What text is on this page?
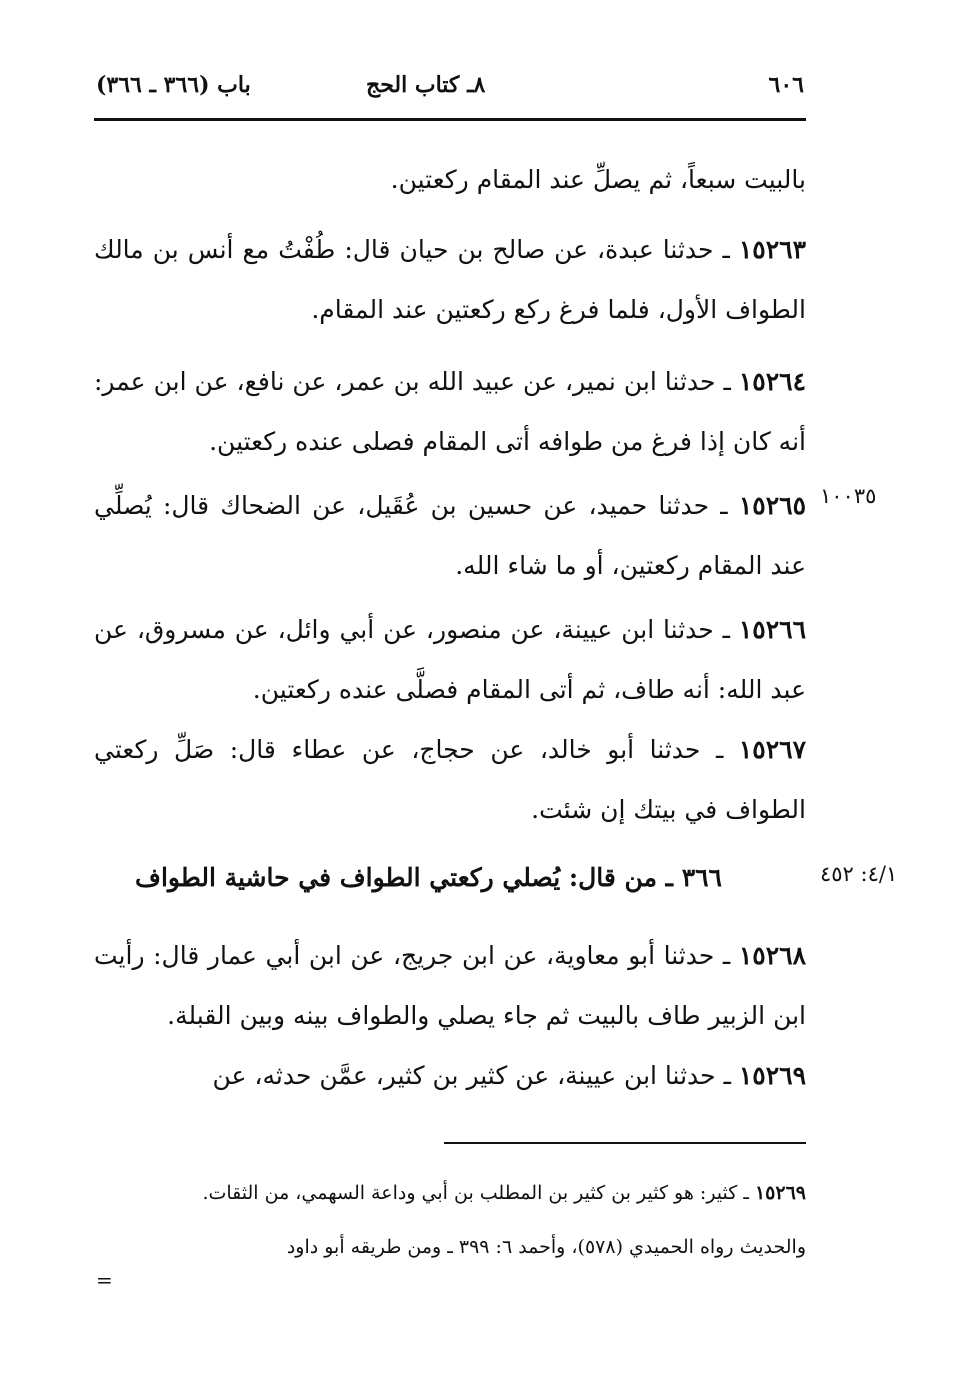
٦٠٦
٨ـ كتاب الحج
باب (٣٦٦ ـ ٣٦٦)
بالبيت سبعاً، ثم يصلِّ عند المقام ركعتين.
١٥٢٦٣ ـ حدثنا عبدة، عن صالح بن حيان قال: طُفْتُ مع أنس بن مالك الطواف الأول، فلما فرغ ركع ركعتين عند المقام.
١٥٢٦٤ ـ حدثنا ابن نمير، عن عبيد الله بن عمر، عن نافع، عن ابن عمر: أنه كان إذا فرغ من طوافه أتى المقام فصلى عنده ركعتين.
١٠٠٣٥
١٥٢٦٥ ـ حدثنا حميد، عن حسين بن عُقَيل، عن الضحاك قال: يُصلِّي عند المقام ركعتين، أو ما شاء الله.
١٥٢٦٦ ـ حدثنا ابن عيينة، عن منصور، عن أبي وائل، عن مسروق، عن عبد الله: أنه طاف، ثم أتى المقام فصلَّى عنده ركعتين.
١٥٢٦٧ ـ حدثنا أبو خالد، عن حجاج، عن عطاء قال: صَلِّ ركعتي الطواف في بيتك إن شئت.
٤/١: ٤٥٢
٣٦٦ ـ من قال: يُصلي ركعتي الطواف في حاشية الطواف
١٥٢٦٨ ـ حدثنا أبو معاوية، عن ابن جريج، عن ابن أبي عمار قال: رأيت ابن الزبير طاف بالبيت ثم جاء يصلي والطواف بينه وبين القبلة.
١٥٢٦٩ ـ حدثنا ابن عيينة، عن كثير بن كثير، عمَّن حدثه، عن
١٥٢٦٩ ـ كثير: هو كثير بن كثير بن المطلب بن أبي وداعة السهمي، من الثقات.
والحديث رواه الحميدي (٥٧٨)، وأحمد ٦: ٣٩٩ ـ ومن طريقه أبو داود
=
